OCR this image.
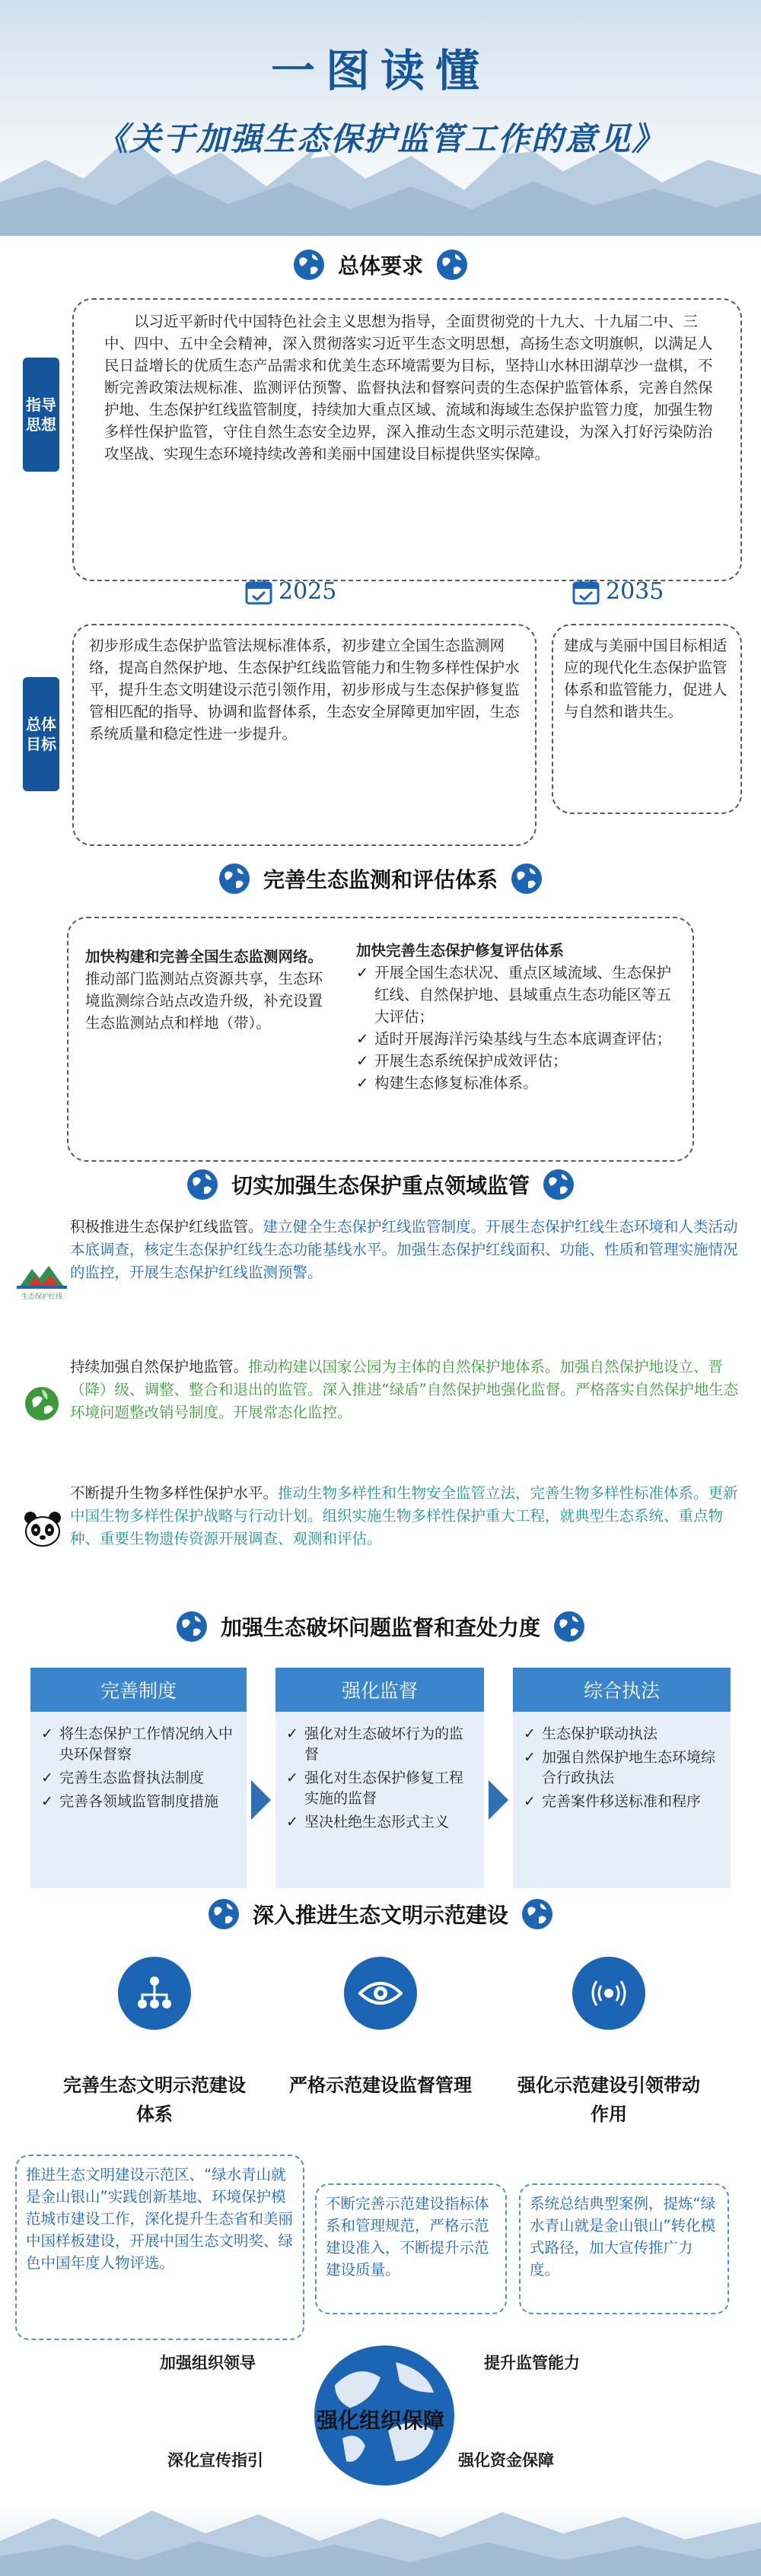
一图读懂
《关于加强生态保护监管工作的意见》
总体要求
指导思想

以习近平新时代中国特色社会主义思想为指导，全面贯彻党的十九大、十九届二中、三中、四中、五中全会精神，深入贯彻落实习近平生态文明思想，高扬生态文明旗帜，以满足人民日益增长的优质生态产品需求和优美生态环境需要为目标，坚持山水林田湖草沙一盘棋，不断完善政策法规标准、监测评估预警、监督执法和督察问责的生态保护监管体系，完善自然保护地、生态保护红线监管制度，持续加大重点区域、流域和海域生态保护监管力度，加强生物多样性保护监管，守住自然生态安全边界，深入推动生态文明示范建设，为深入打好污染防治攻坚战、实现生态环境持续改善和美丽中国建设目标提供坚实保障。

2025	2035
总体目标

初步形成生态保护监管法规标准体系，初步建立全国生态监测网络，提高自然保护地、生态保护红线监管能力和生物多样性保护水平，提升生态文明建设示范引领作用，初步形成与生态保护修复监管相匹配的指导、协调和监督体系，生态安全屏障更加牢固，生态系统质量和稳定性进一步提升。

建成与美丽中国目标相适应的现代化生态保护监管体系和监管能力，促进人与自然和谐共生。

完善生态监测和评估体系

加快构建和完善全国生态监测网络。推动部门监测站点资源共享，生态环境监测综合站点改造升级，补充设置生态监测站点和样地（带）。

加快完善生态保护修复评估体系

✓ 开展全国生态状况、重点区域流域、生态保护红线、自然保护地、县域重点生态功能区等五大评估；
✓ 适时开展海洋污染基线与生态本底调查评估；
✓ 开展生态系统保护成效评估；
✓ 构建生态修复标准体系。
切实加强生态保护重点领域监管
生态保护红线
积极推进生态保护红线监管。建立健全生态保护红线监管制度。开展生态保护红线生态环境和人类活动本底调查，核定生态保护红线生态功能基线水平。加强生态保护红线面积、功能、性质和管理实施情况的监控，开展生态保护红线监测预警。
持续加强自然保护地监管。推动构建以国家公园为主体的自然保护地体系。加强自然保护地设立、晋（降）级、调整、整合和退出的监管。深入推进“绿盾”自然保护地强化监督。严格落实自然保护地生态环境问题整改销号制度。开展常态化监控。
不断提升生物多样性保护水平。推动生物多样性和生物安全监管立法，完善生物多样性标准体系。更新中国生物多样性保护战略与行动计划。组织实施生物多样性保护重大工程，就典型生态系统、重点物种、重要生物遗传资源开展调查、观测和评估。
加强生态破坏问题监督和查处力度
完善制度
✓ 将生态保护工作情况纳入中央环保督察
✓ 完善生态监督执法制度
✓ 完善各领域监管制度措施
强化监督
✓ 强化对生态破坏行为的监督
✓ 强化对生态保护修复工程实施的监督
✓ 坚决杜绝生态形式主义
综合执法
✓ 生态保护联动执法
✓ 加强自然保护地生态环境综合行政执法
✓ 完善案件移送标准和程序
深入推进生态文明示范建设
完善生态文明示范建设体系
严格示范建设监督管理	强化示范建设引领带动作用

推进生态文明建设示范区、“绿水青山就是金山银山”实践创新基地、环境保护模范城市建设工作，深化提升生态省和美丽中国样板建设，开展中国生态文明奖、绿色中国年度人物评选。

不断完善示范建设指标体系和管理规范，严格示范建设准入，不断提升示范建设质量。

系统总结典型案例，提炼“绿水青山就是金山银山”转化模式路径，加大宣传推广力度。

加强组织领导	提升监管能力
强化组织保障
深化宣传指引	强化资金保障
